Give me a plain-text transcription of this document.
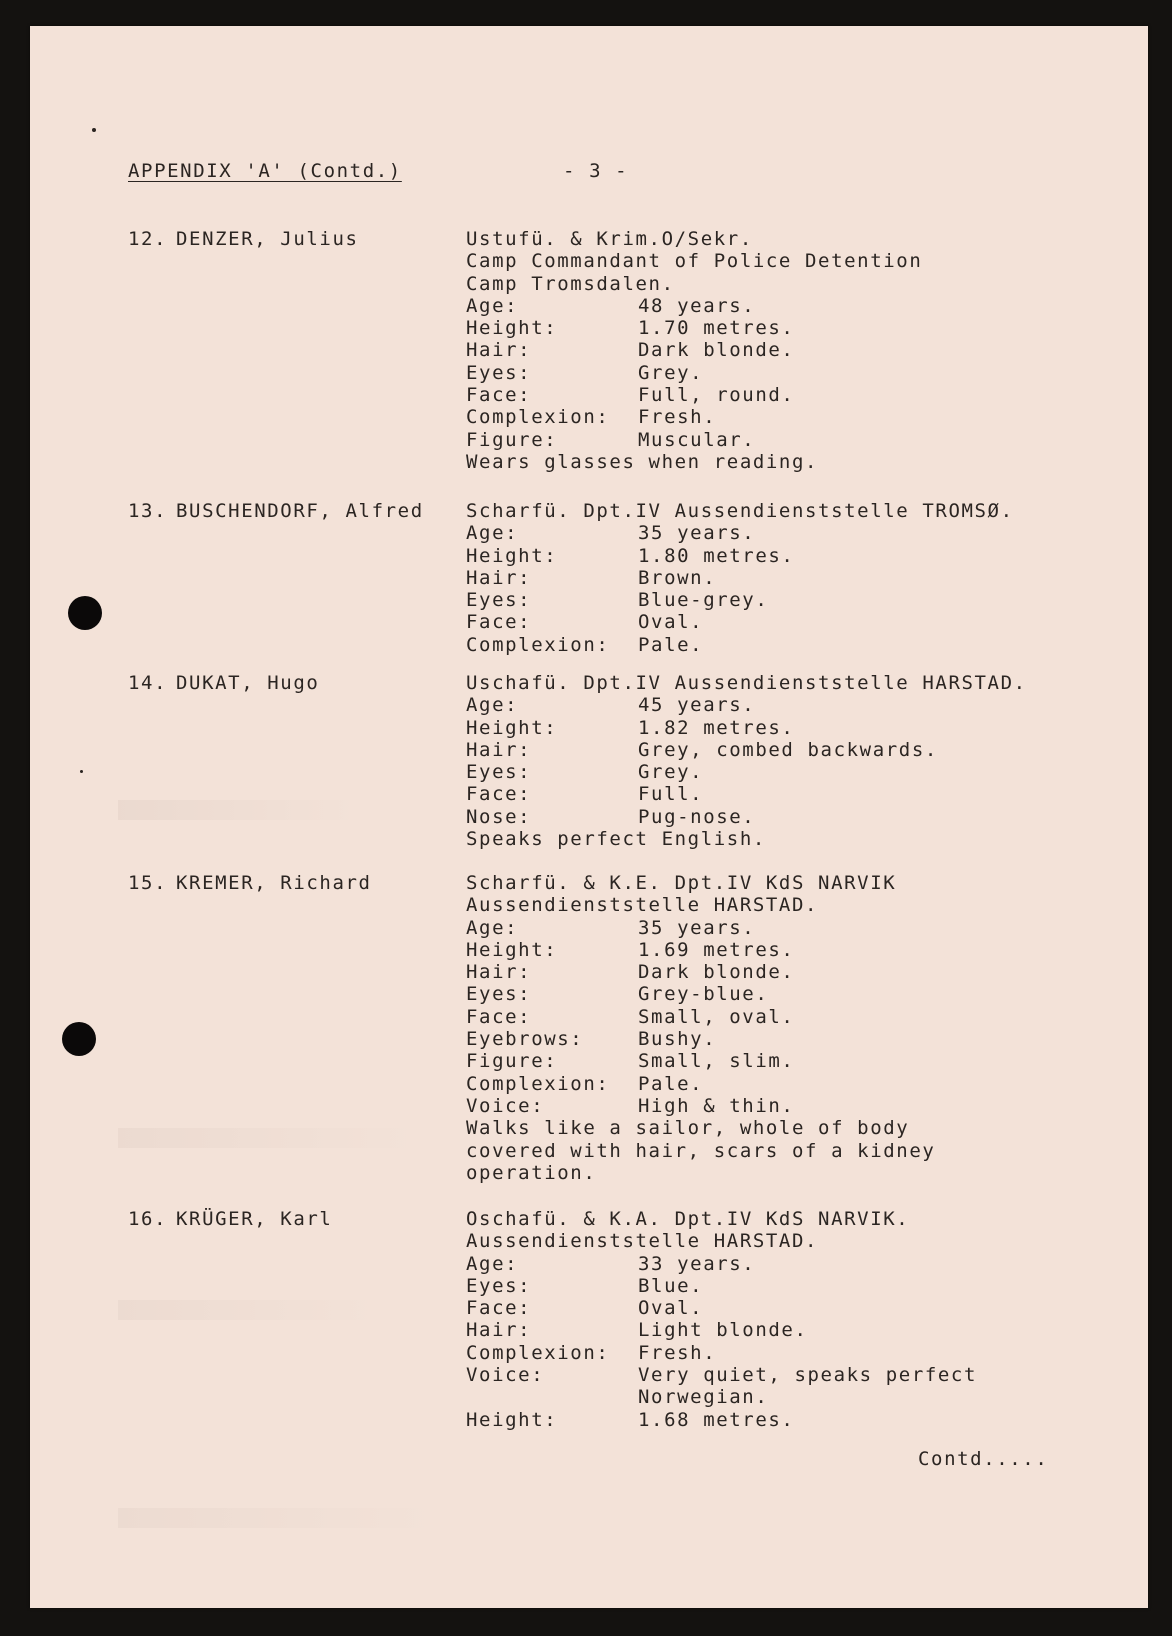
APPENDIX 'A' (Contd.)

	- 3 -

12. DENZER, Julius	Ustufü. & Krim.O/Sekr.
Camp Commandant of Police Detention
Camp Tromsdalen.
Age:	48 years.
Height:	1.70 metres.
Hair:	Dark blonde.
Eyes:	Grey.
Face:	Full, round.
Complexion: Fresh.
Figure:	Muscular.
Wears glasses when reading.
13. BUSCHENDORF, Alfred Scharfü. Dpt.IV Aussendienststelle TROMSØ.
Age:	35 years.
Height:	1.80 metres.
Hair:	Brown.
Eyes:	Blue-grey.
Face:	Oval.
Complexion: Pale.
14. DUKAT, Hugo	Uschafü. Dpt.IV Aussendienststelle HARSTAD.
Age:	45 years.
Height:	1.82 metres.
Hair:	Grey, combed backwards.
Eyes:	Grey.
Face:	Full.
Nose:	Pug-nose.
Speaks perfect English.
15. KREMER, Richard	Scharfü. & K.E. Dpt.IV KdS NARVIK
Aussendienststelle HARSTAD.
Age:	35 years.
Height:	1.69 metres.
Hair:	Dark blonde.
Eyes:	Grey-blue.
Face:	Small, oval.
Eyebrows:	Bushy.
Figure:	Small, slim.
Complexion: Pale.
Voice:	High & thin.
Walks like a sailor, whole of body
covered with hair, scars of a kidney
operation.
16. KRÜGER, Karl	Oschafü. & K.A. Dpt.IV KdS NARVIK.
Aussendienststelle HARSTAD.
Age:	33 years.
Eyes:	Blue.
Face:	Oval.
Hair:	Light blonde.
Complexion: Fresh.
Voice:	Very quiet, speaks perfect
Norwegian.
Height:	1.68 metres.
Contd.....
